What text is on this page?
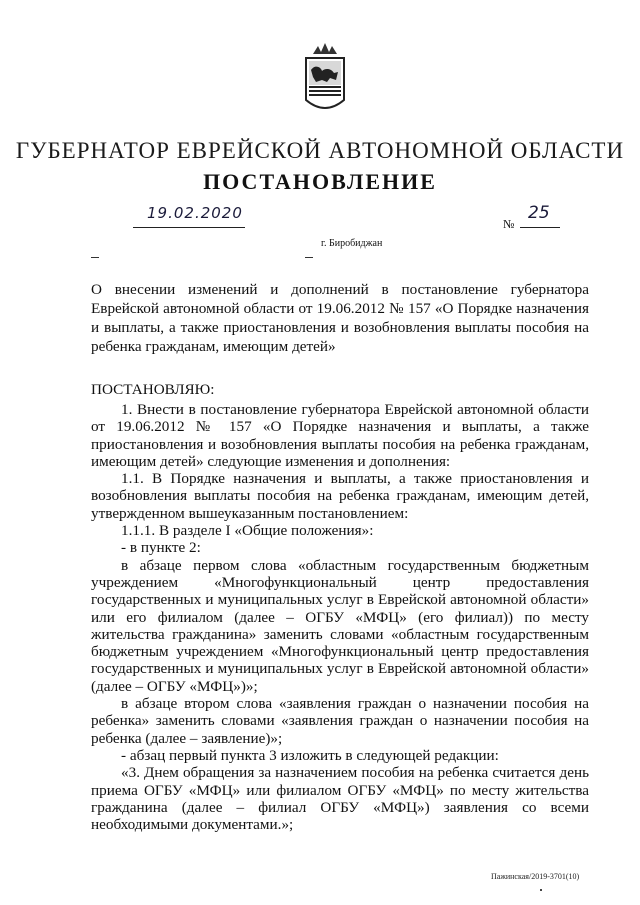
ГУБЕРНАТОР ЕВРЕЙСКОЙ АВТОНОМНОЙ ОБЛАСТИ
ПОСТАНОВЛЕНИЕ
19.02.2020
№
25
г. Биробиджан
О внесении изменений и дополнений в постановление губернатора Еврейской автономной области от 19.06.2012 № 157 «О Порядке назначения и выплаты, а также приостановления и возобновления выплаты пособия на ребенка гражданам, имеющим детей»
ПОСТАНОВЛЯЮ:

1. Внести в постановление губернатора Еврейской автономной области от 19.06.2012 № 157 «О Порядке назначения и выплаты, а также приостановления и возобновления выплаты пособия на ребенка гражданам, имеющим детей» следующие изменения и дополнения:

1.1. В Порядке назначения и выплаты, а также приостановления и возобновления выплаты пособия на ребенка гражданам, имеющим детей, утвержденном вышеуказанным постановлением:

1.1.1. В разделе I «Общие положения»:

- в пункте 2:

в абзаце первом слова «областным государственным бюджетным учреждением «Многофункциональный центр предоставления государственных и муниципальных услуг в Еврейской автономной области» или его филиалом (далее – ОГБУ «МФЦ» (его филиал)) по месту жительства гражданина» заменить словами «областным государственным бюджетным учреждением «Многофункциональный центр предоставления государственных и муниципальных услуг в Еврейской автономной области» (далее – ОГБУ «МФЦ»)»;

в абзаце втором слова «заявления граждан о назначении пособия на ребенка» заменить словами «заявления граждан о назначении пособия на ребенка (далее – заявление)»;

- абзац первый пункта 3 изложить в следующей редакции:

«3. Днем обращения за назначением пособия на ребенка считается день приема ОГБУ «МФЦ» или филиалом ОГБУ «МФЦ» по месту жительства гражданина (далее – филиал ОГБУ «МФЦ») заявления со всеми необходимыми документами.»;

Пажинская/2019-3701(10)
